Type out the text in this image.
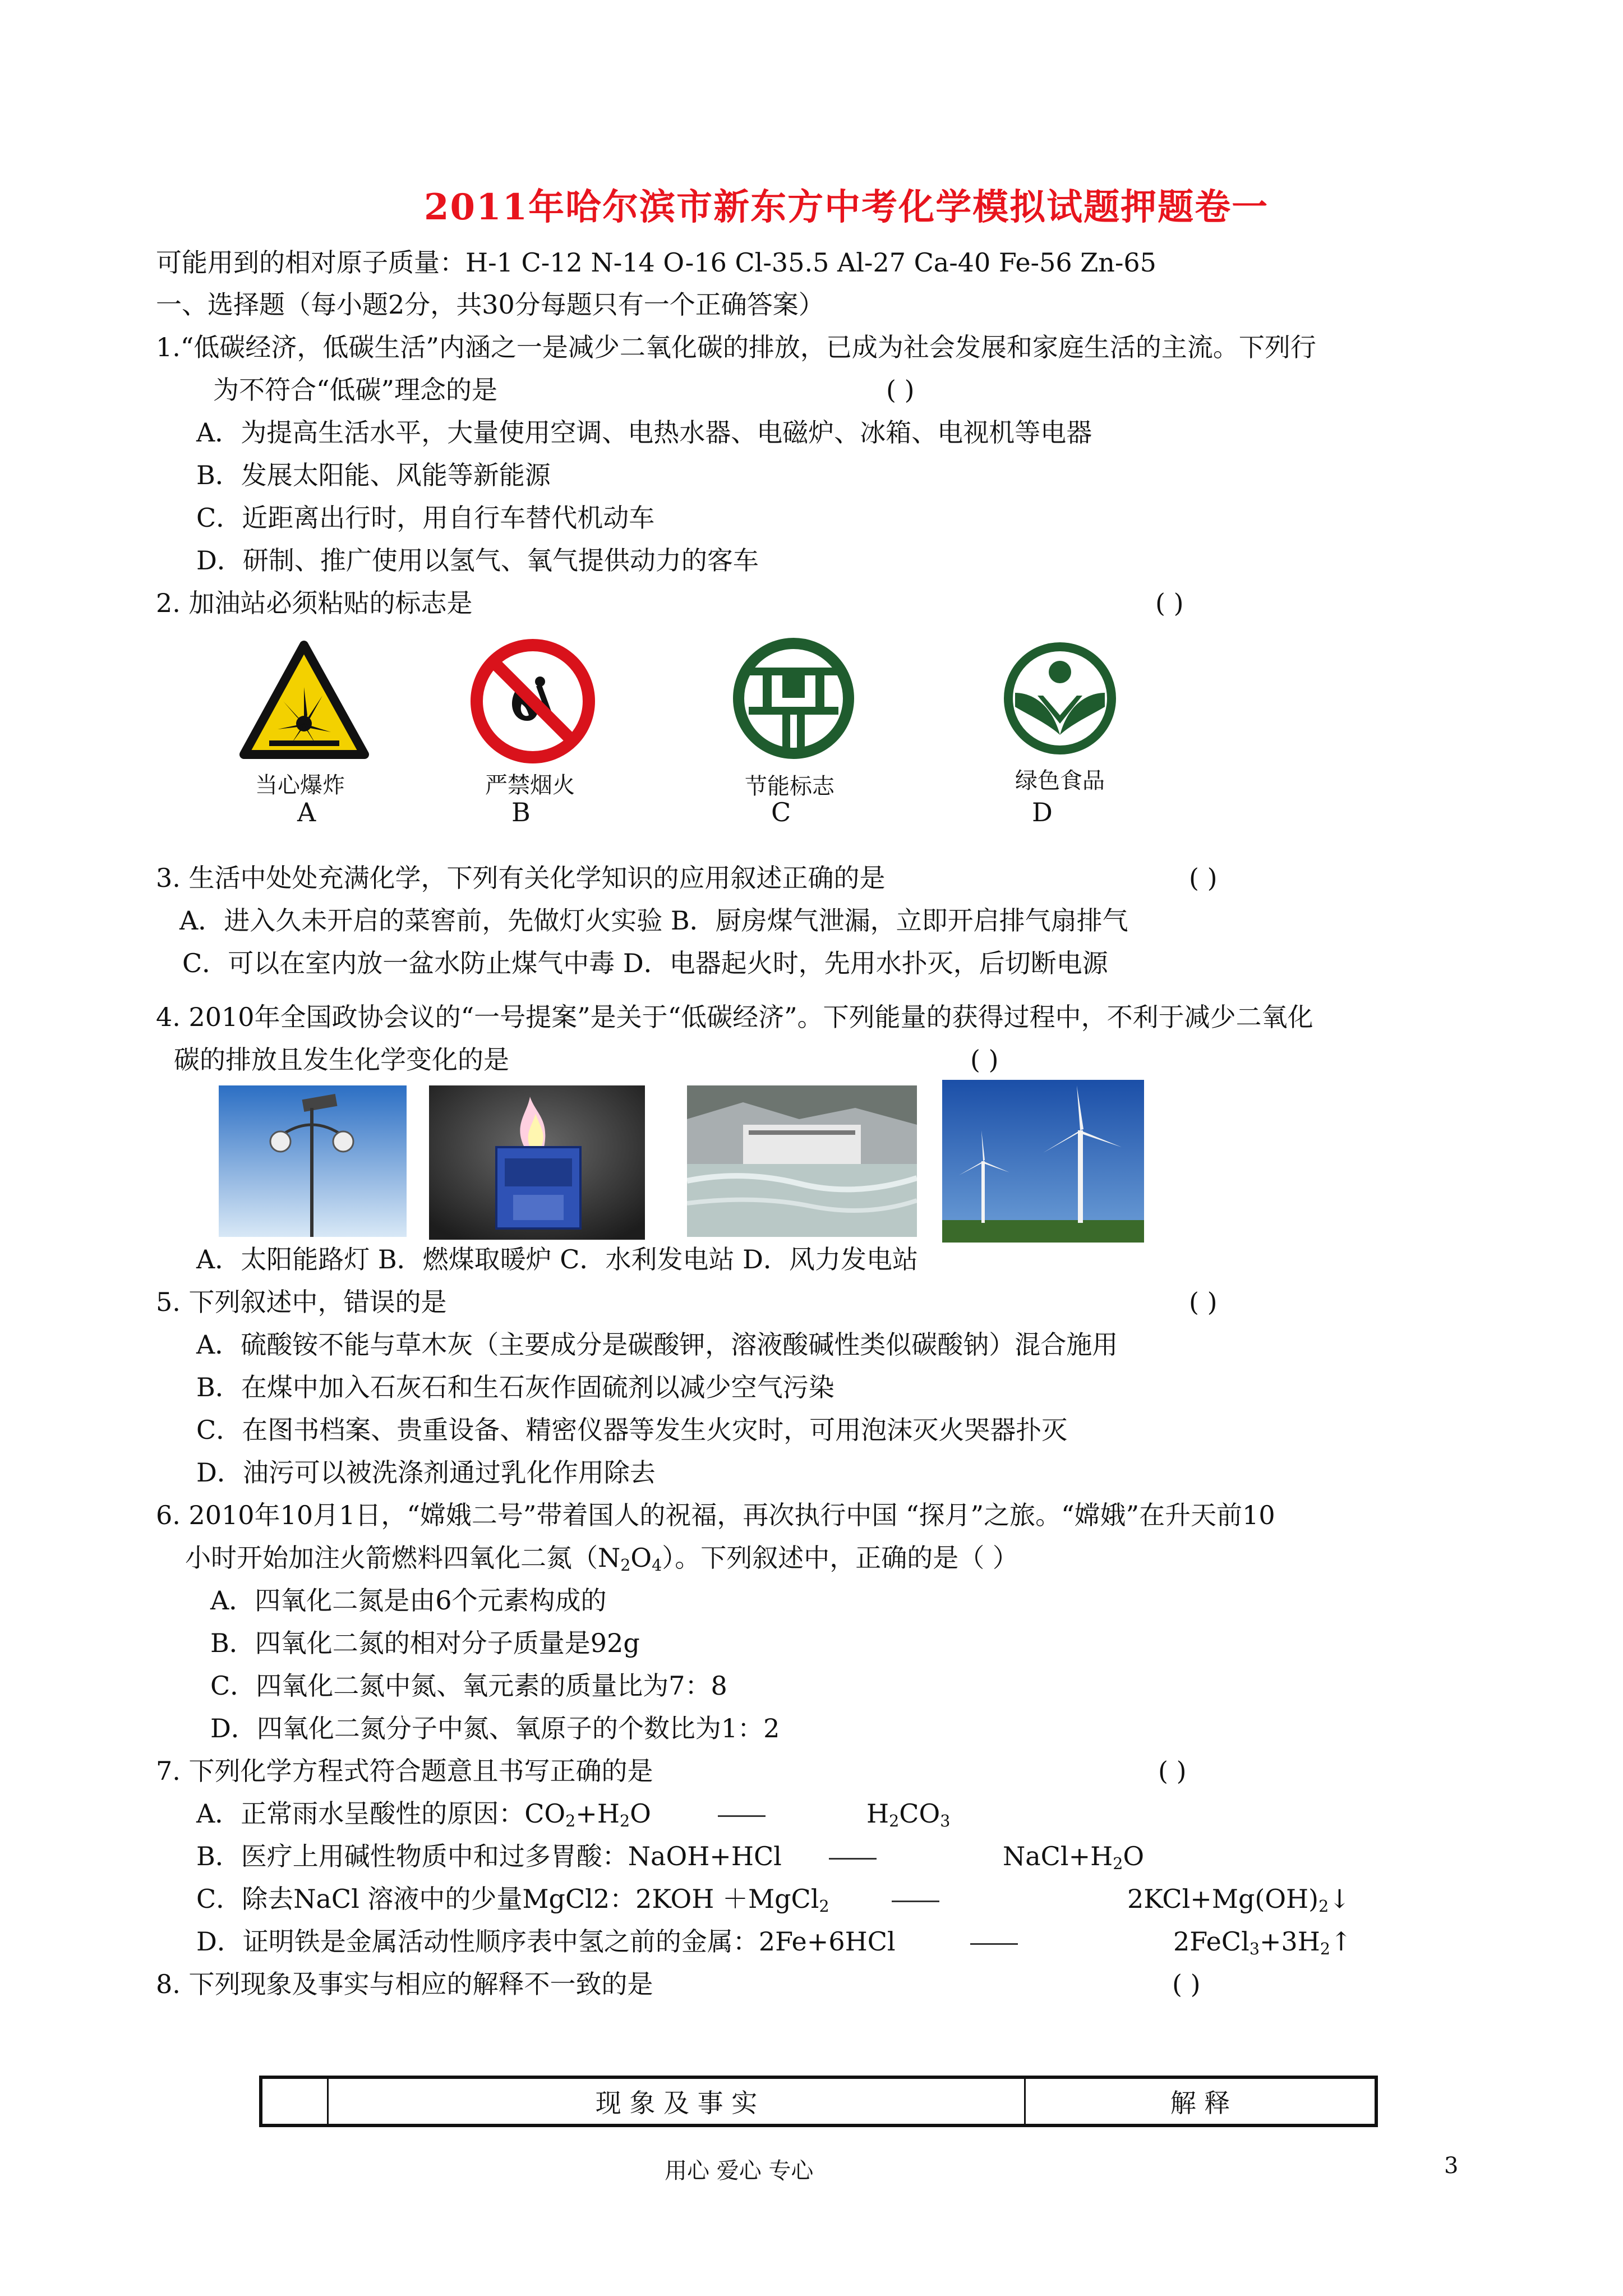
2011年哈尔滨市新东方中考化学模拟试题押题卷一
可能用到的相对原子质量：H-1 C-12 N-14 O-16 Cl-35.5 Al-27 Ca-40 Fe-56 Zn-65
一、选择题（每小题2分，共30分每题只有一个正确答案）
1.“低碳经济，低碳生活”内涵之一是减少二氧化碳的排放，已成为社会发展和家庭生活的主流。下列行
为不符合“低碳”理念的是	( )
A．为提高生活水平，大量使用空调、电热水器、电磁炉、冰箱、电视机等电器
B．发展太阳能、风能等新能源
C．近距离出行时，用自行车替代机动车
D．研制、推广使用以氢气、氧气提供动力的客车
2. 加油站必须粘贴的标志是	( )
当心爆炸
A
严禁烟火
B
节能标志
C
绿色食品
D
3. 生活中处处充满化学，下列有关化学知识的应用叙述正确的是	( )
A．进入久未开启的菜窖前，先做灯火实验 B．厨房煤气泄漏，立即开启排气扇排气
C．可以在室内放一盆水防止煤气中毒 D．电器起火时，先用水扑灭，后切断电源
4. 2010年全国政协会议的“一号提案”是关于“低碳经济”。下列能量的获得过程中，不利于减少二氧化
碳的排放且发生化学变化的是	( )
A．太阳能路灯 B．燃煤取暖炉 C．水利发电站 D．风力发电站
5. 下列叙述中，错误的是	( )
A．硫酸铵不能与草木灰（主要成分是碳酸钾，溶液酸碱性类似碳酸钠）混合施用
B．在煤中加入石灰石和生石灰作固硫剂以减少空气污染
C．在图书档案、贵重设备、精密仪器等发生火灾时，可用泡沫灭火哭器扑灭
D．油污可以被洗涤剂通过乳化作用除去
6. 2010年10月1日，“嫦娥二号”带着国人的祝福，再次执行中国 “探月”之旅。“嫦娥”在升天前10
小时开始加注火箭燃料四氧化二氮$(N_2O_4)$。下列叙述中，正确的是（ ）
A．四氧化二氮是由6个元素构成的
B．四氧化二氮的相对分子质量是92g
C．四氧化二氮中氮、氧元素的质量比为7：8
D．四氧化二氮分子中氮、氧原子的个数比为1：2
7. 下列化学方程式符合题意且书写正确的是	( )
A．正常雨水呈酸性的原因：$CO_2+H_2O$	$H_2CO_3$
B．医疗上用碱性物质中和过多胃酸：NaOH+HCl	$NaCl+H_2O$
C．除去NaCl 溶液中的少量MgCl2：2KOH ＋MgCl$_2$	$2KCl+Mg(OH)_2↓$
D．证明铁是金属活动性顺序表中氢之前的金属：2Fe+6HCl	$2FeCl_3+3H_2↑$
8. 下列现象及事实与相应的解释不一致的是	( )
	现 象 及 事 实	解 释
用心 爱心 专心	3
